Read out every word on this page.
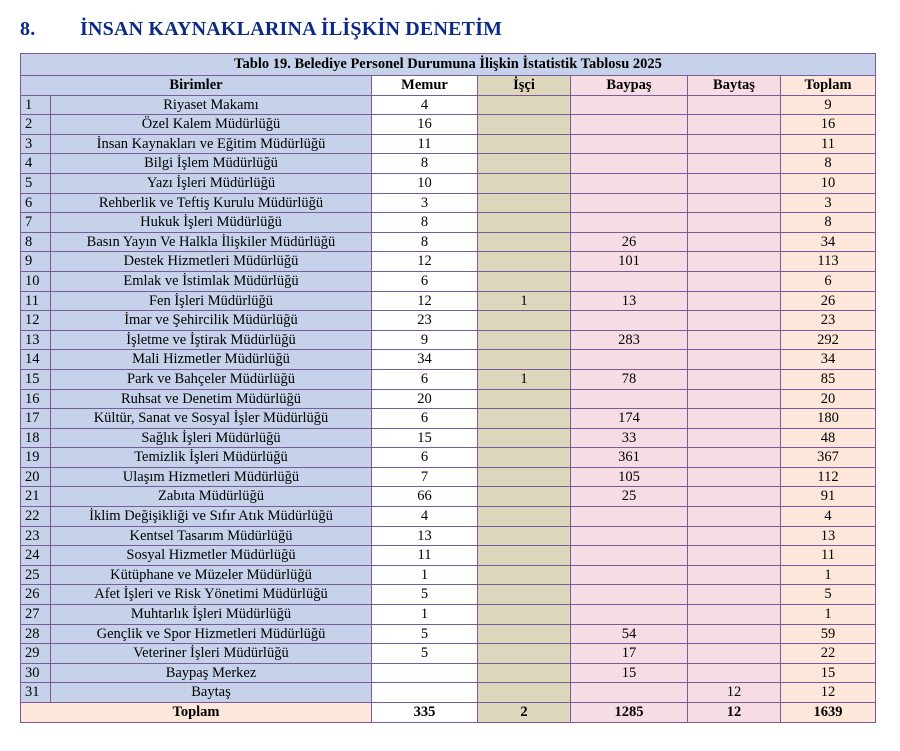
8.	İNSAN KAYNAKLARINA İLİŞKİN DENETİM
Tablo 19. Belediye Personel Durumuna İlişkin İstatistik Tablosu 2025						
Birimler		Memur	İşçi	Baypaş	Baytaş	Toplam
1	Riyaset Makamı	4				9
2	Özel Kalem Müdürlüğü	16				16
3	İnsan Kaynakları ve Eğitim Müdürlüğü	11				11
4	Bilgi İşlem Müdürlüğü	8				8
5	Yazı İşleri Müdürlüğü	10				10
6	Rehberlik ve Teftiş Kurulu Müdürlüğü	3				3
7	Hukuk İşleri Müdürlüğü	8				8
8	Basın Yayın Ve Halkla İlişkiler Müdürlüğü	8		26		34
9	Destek Hizmetleri Müdürlüğü	12		101		113
10	Emlak ve İstimlak Müdürlüğü	6				6
11	Fen İşleri Müdürlüğü	12	1	13		26
12	İmar ve Şehircilik Müdürlüğü	23				23
13	İşletme ve İştirak Müdürlüğü	9		283		292
14	Mali Hizmetler Müdürlüğü	34				34
15	Park ve Bahçeler Müdürlüğü	6	1	78		85
16	Ruhsat ve Denetim Müdürlüğü	20				20
17	Kültür, Sanat ve Sosyal İşler Müdürlüğü	6		174		180
18	Sağlık İşleri Müdürlüğü	15		33		48
19	Temizlik İşleri Müdürlüğü	6		361		367
20	Ulaşım Hizmetleri Müdürlüğü	7		105		112
21	Zabıta Müdürlüğü	66		25		91
22	İklim Değişikliği ve Sıfır Atık Müdürlüğü	4				4
23	Kentsel Tasarım Müdürlüğü	13				13
24	Sosyal Hizmetler Müdürlüğü	11				11
25	Kütüphane ve Müzeler Müdürlüğü	1				1
26	Afet İşleri ve Risk Yönetimi Müdürlüğü	5				5
27	Muhtarlık İşleri Müdürlüğü	1				1
28	Gençlik ve Spor Hizmetleri Müdürlüğü	5		54		59
29	Veteriner İşleri Müdürlüğü	5		17		22
30	Baypaş Merkez			15		15
31	Baytaş				12	12
Toplam		335	2	1285	12	1639
